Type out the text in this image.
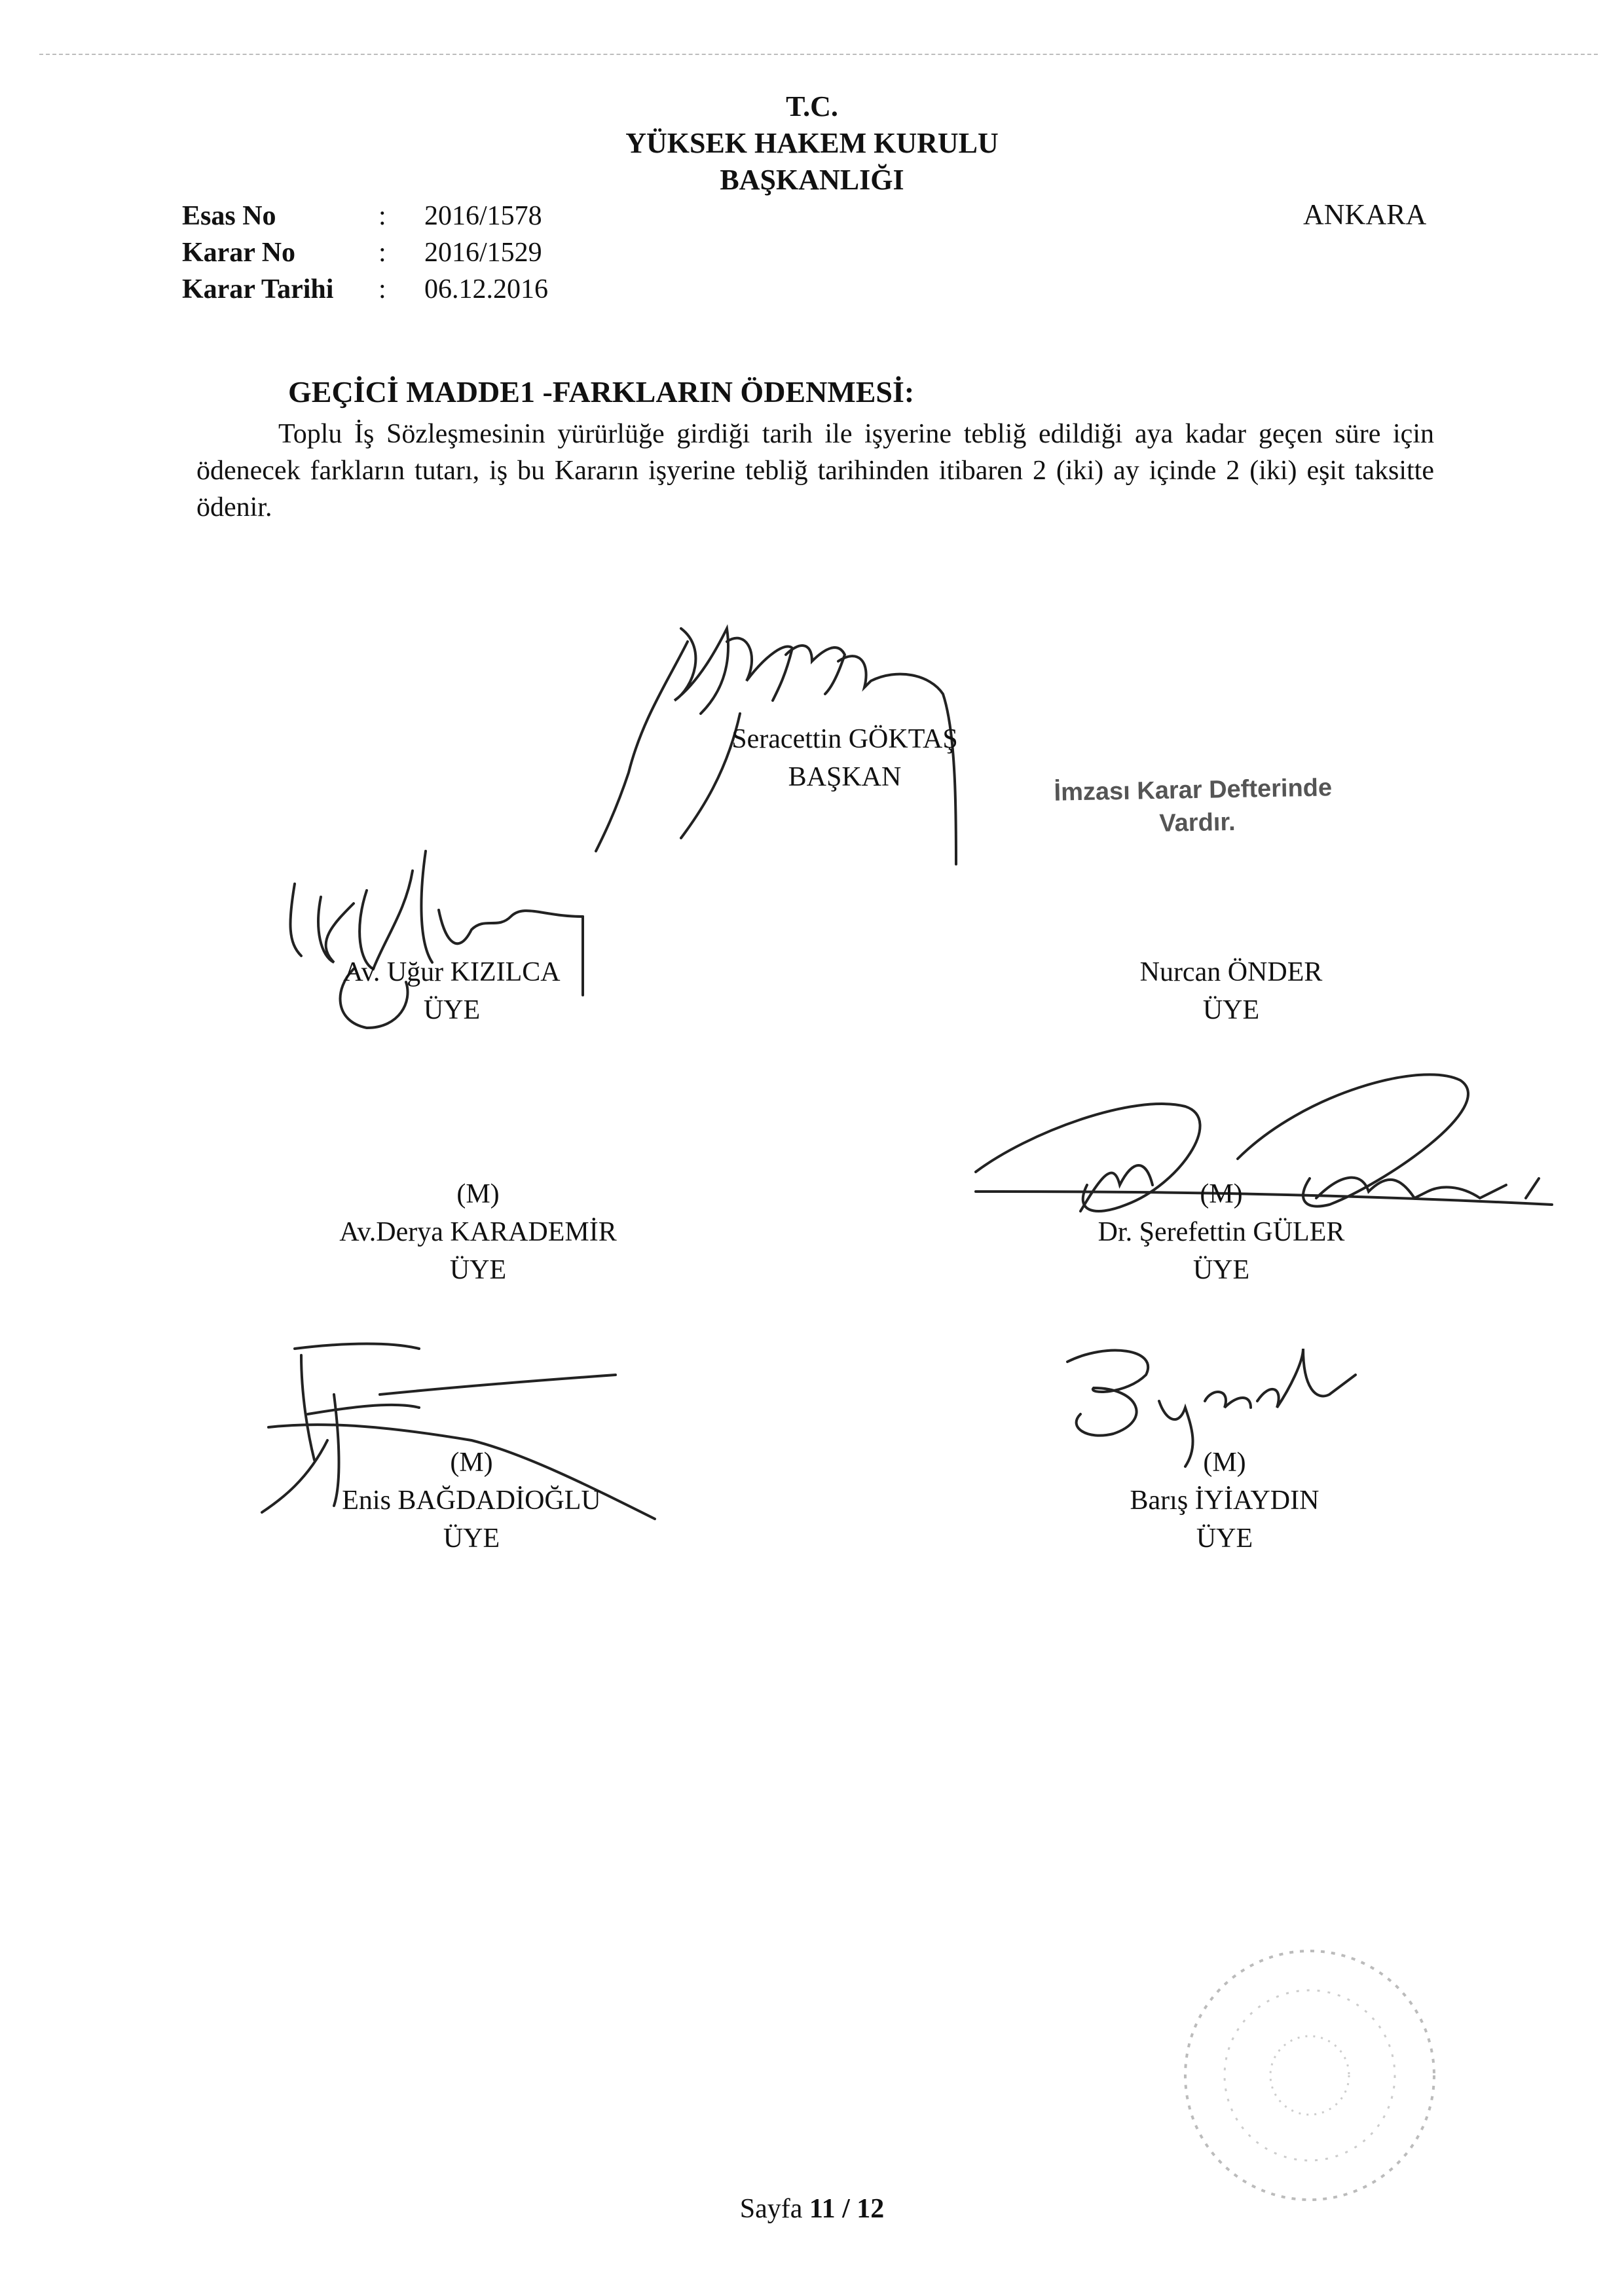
T.C.
YÜKSEK HAKEM KURULU
BAŞKANLIĞI
Esas No	:	2016/1578
Karar No	:	2016/1529
Karar Tarihi	:	06.12.2016
ANKARA
GEÇİCİ MADDE1 -FARKLARIN ÖDENMESİ:
Toplu İş Sözleşmesinin yürürlüğe girdiği tarih ile işyerine tebliğ edildiği aya kadar geçen süre için ödenecek farkların tutarı, iş bu Kararın işyerine tebliğ tarihinden itibaren 2 (iki) ay içinde 2 (iki) eşit taksitte ödenir.
Seracettin GÖKTAŞ
BAŞKAN	İmzası Karar Defterinde
Vardır.
Av. Uğur KIZILCA
ÜYE
Nurcan ÖNDER
ÜYE
(M)
Av.Derya KARADEMİR
ÜYE
(M)
Dr. Şerefettin GÜLER
ÜYE
(M)
Enis BAĞDADİOĞLU
ÜYE
(M)
Barış İYİAYDIN
ÜYE
Sayfa 11 / 12
